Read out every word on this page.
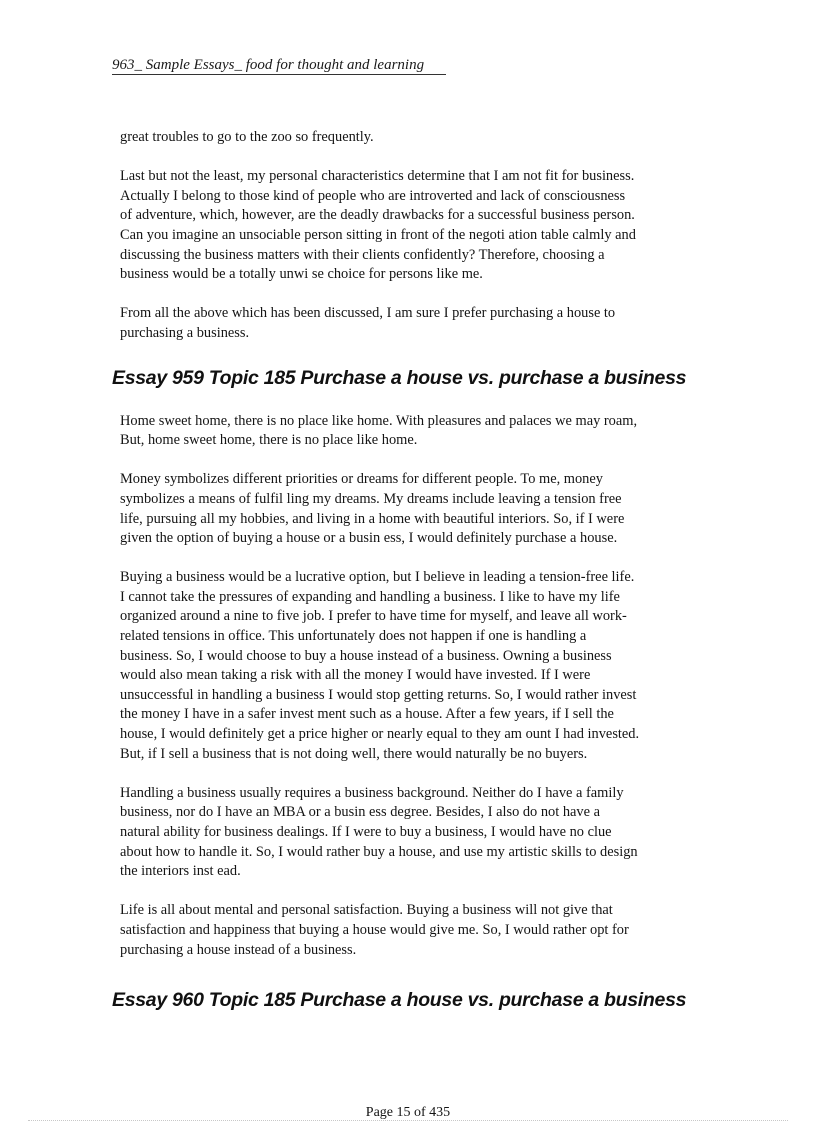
963_ Sample Essays_ food for thought and learning
great troubles to go to the zoo so frequently.
Last but not the least, my personal characteristics determine that I am not fit for business.
Actually I belong to those kind of people who are introverted and lack of consciousness
of adventure, which, however, are the deadly drawbacks for a successful business person.
Can you imagine an unsociable person sitting in front of the negoti ation table calmly and
discussing the business matters with their clients confidently? Therefore, choosing a
business would be a totally unwi se choice for persons like me.
From all the above which has been discussed, I am sure I prefer purchasing a house to
purchasing a business.
Essay 959 Topic 185 Purchase a house vs. purchase a business
Home sweet home, there is no place like home. With pleasures and palaces we may roam,
But, home sweet home, there is no place like home.
Money symbolizes different priorities or dreams for different people. To me, money
symbolizes a means of fulfil ling my dreams. My dreams include leaving a tension free
life, pursuing all my hobbies, and living in a home with beautiful interiors. So, if I were
given the option of buying a house or a busin ess, I would definitely purchase a house.
Buying a business would be a lucrative option, but I believe in leading a tension-free life.
I cannot take the pressures of expanding and handling a business. I like to have my life
organized around a nine to five job. I prefer to have time for myself, and leave all work-
related tensions in office. This unfortunately does not happen if one is handling a
business. So, I would choose to buy a house instead of a business. Owning a business
would also mean taking a risk with all the money I would have invested. If I were
unsuccessful in handling a business I would stop getting returns. So, I would rather invest
the money I have in a safer invest ment such as a house. After a few years, if I sell the
house, I would definitely get a price higher or nearly equal to they am ount I had invested.
But, if I sell a business that is not doing well, there would naturally be no buyers.
Handling a business usually requires a business background. Neither do I have a family
business, nor do I have an MBA or a busin ess degree. Besides, I also do not have a
natural ability for business dealings. If I were to buy a business, I would have no clue
about how to handle it. So, I would rather buy a house, and use my artistic skills to design
the interiors inst ead.
Life is all about mental and personal satisfaction. Buying a business will not give that
satisfaction and happiness that buying a house would give me. So, I would rather opt for
purchasing a house instead of a business.
Essay 960 Topic 185 Purchase a house vs. purchase a business
Page 15 of 435
